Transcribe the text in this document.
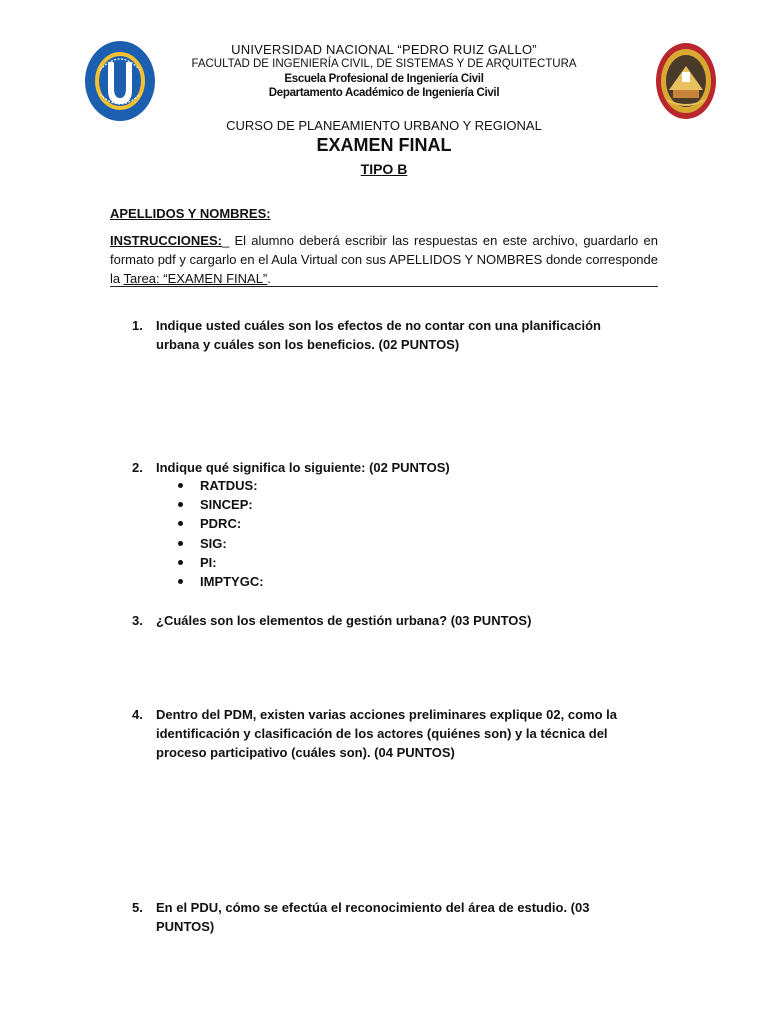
UNIVERSIDAD NACIONAL “PEDRO RUIZ GALLO”
FACULTAD DE INGENIERÍA CIVIL, DE SISTEMAS Y DE ARQUITECTURA
Escuela Profesional de Ingeniería Civil
Departamento Académico de Ingeniería Civil
CURSO DE PLANEAMIENTO URBANO Y REGIONAL
EXAMEN FINAL
TIPO B
APELLIDOS Y NOMBRES:
INSTRUCCIONES:_ El alumno deberá escribir las respuestas en este archivo, guardarlo en formato pdf y cargarlo en el Aula Virtual con sus APELLIDOS Y NOMBRES donde corresponde la Tarea: “EXAMEN FINAL”.
1.	Indique usted cuáles son los efectos de no contar con una planificación urbana y cuáles son los beneficios. (02 PUNTOS)
2.	Indique qué significa lo siguiente: (02 PUNTOS)
RATDUS:
SINCEP:
PDRC:
SIG:
PI:
IMPTYGC:
3.	¿Cuáles son los elementos de gestión urbana? (03 PUNTOS)
4.	Dentro del PDM, existen varias acciones preliminares explique 02, como la identificación y clasificación de los actores (quiénes son) y la técnica del proceso participativo (cuáles son). (04 PUNTOS)
5.	En el PDU, cómo se efectúa el reconocimiento del área de estudio. (03 PUNTOS)
